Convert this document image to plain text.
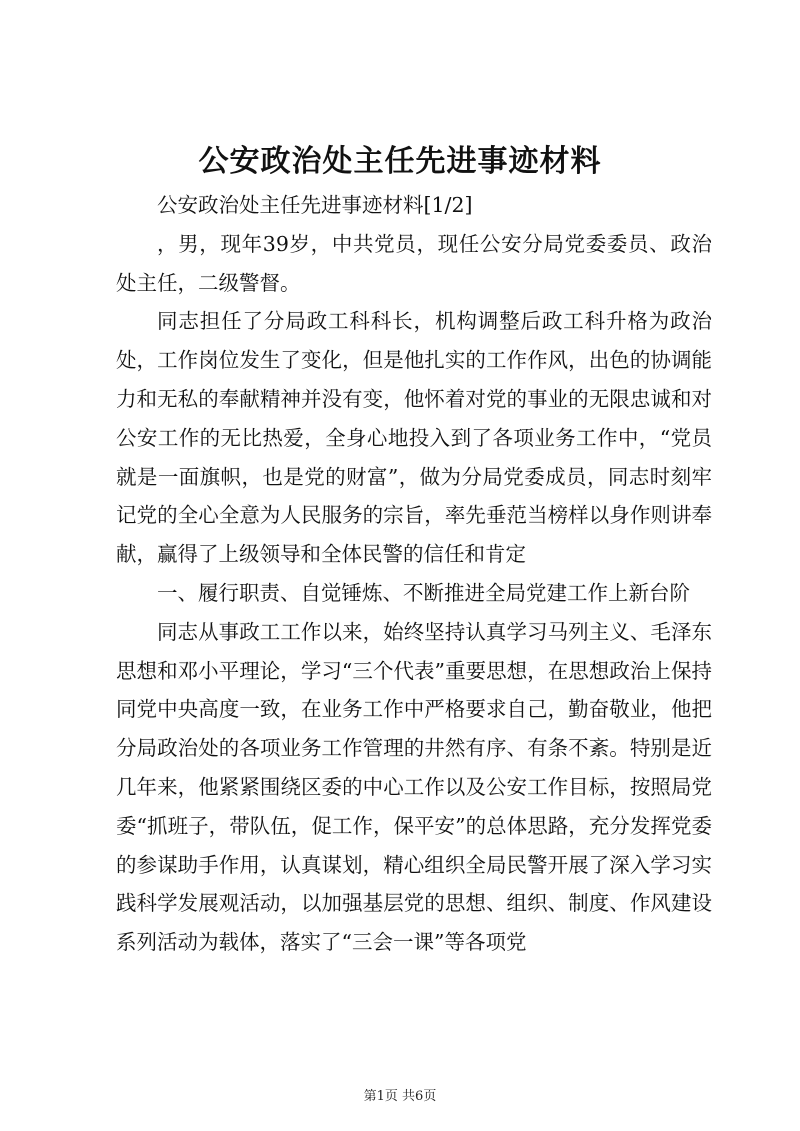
公安政治处主任先进事迹材料

公安政治处主任先进事迹材料[1/2]

，男，现年39岁，中共党员，现任公安分局党委委员、政治处主任，二级警督。

同志担任了分局政工科科长，机构调整后政工科升格为政治处，工作岗位发生了变化，但是他扎实的工作作风，出色的协调能力和无私的奉献精神并没有变，他怀着对党的事业的无限忠诚和对公安工作的无比热爱，全身心地投入到了各项业务工作中，“党员就是一面旗帜，也是党的财富”，做为分局党委成员，同志时刻牢记党的全心全意为人民服务的宗旨，率先垂范当榜样以身作则讲奉献，赢得了上级领导和全体民警的信任和肯定

一、履行职责、自觉锤炼、不断推进全局党建工作上新台阶

同志从事政工工作以来，始终坚持认真学习马列主义、毛泽东思想和邓小平理论，学习“三个代表”重要思想，在思想政治上保持同党中央高度一致，在业务工作中严格要求自己，勤奋敬业，他把分局政治处的各项业务工作管理的井然有序、有条不紊。特别是近几年来，他紧紧围绕区委的中心工作以及公安工作目标，按照局党委“抓班子，带队伍，促工作，保平安”的总体思路，充分发挥党委的参谋助手作用，认真谋划，精心组织全局民警开展了深入学习实践科学发展观活动，以加强基层党的思想、组织、制度、作风建设系列活动为载体，落实了“三会一课”等各项党

第1页 共6页
